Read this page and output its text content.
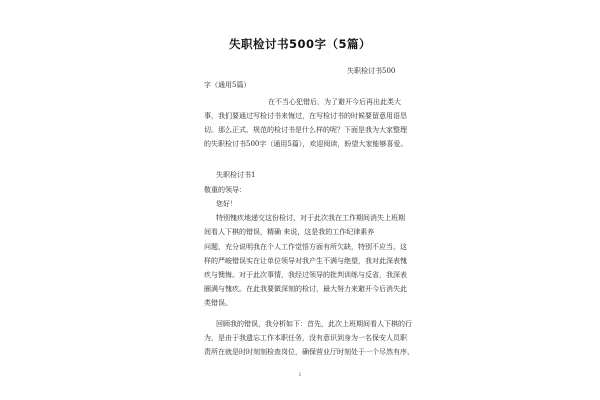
失职检讨书500字（5篇）
失职检讨书500
字（通用5篇）
在不当心犯错后，为了避开今后再出此类大
事，我们要通过写检讨书来悔过，在写检讨书的时候要留意用语恳
切。那么正式、规范的检讨书是什么样的呢？下面是我为大家整理
的失职检讨书500字（通用5篇），欢迎阅读，盼望大家能够喜爱。
失职检讨书1
敬重的领导：
您好！
特别愧疚地递交这份检讨，对于此次我在工作期间消失上班期
间看人下棋的错误，精确 来说，这是我的工作纪律素养
问题，充分说明我在个人工作觉悟方面有所欠缺，特别不应当。这
样的严峻错误实在让单位领导对我产生不满与绝望，我对此深表愧
疚与懊悔。对于此次事情，我经过领导的批判训练与反省，我深表
圈满与愧疚。在此我要做深刻的检讨，最大努力来避开今后消失此
类错误。
回顾我的错误，我分析如下：首先，此次上班期间看人下棋的行
为，是由于我遗忘工作本职任务，没有意识到身为一名保安人员职
责所在就是时时刻刻检查岗位，确保营业厅时刻处于一个尽然有序、
1
